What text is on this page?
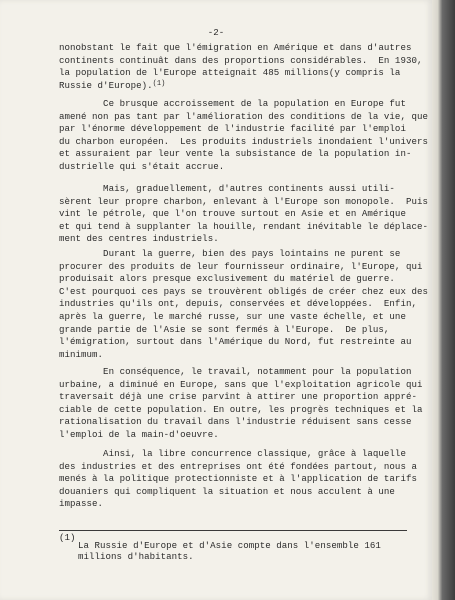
-2-
nonobstant le fait que l'émigration en Amérique et dans d'autres
continents continuât dans des proportions considérables.  En 1930,
la population de l'Europe atteignait 485 millions(y compris la
Russie d'Europe).$^{(1)}$
Ce brusque accroissement de la population en Europe fut
amené non pas tant par l'amélioration des conditions de la vie, que
par l'énorme développement de l'industrie facilité par l'emploi
du charbon européen.  Les produits industriels inondaient l'univers
et assuraient par leur vente la subsistance de la population in-
dustrielle qui s'était accrue.
Mais, graduellement, d'autres continents aussi utili-
sèrent leur propre charbon, enlevant à l'Europe son monopole.  Puis
vint le pétrole, que l'on trouve surtout en Asie et en Amérique
et qui tend à supplanter la houille, rendant inévitable le déplace-
ment des centres industriels.
Durant la guerre, bien des pays lointains ne purent se
procurer des produits de leur fournisseur ordinaire, l'Europe, qui
produisait alors presque exclusivement du matériel de guerre.
C'est pourquoi ces pays se trouvèrent obligés de créer chez eux des
industries qu'ils ont, depuis, conservées et développées.  Enfin,
après la guerre, le marché russe, sur une vaste échelle, et une
grande partie de l'Asie se sont fermés à l'Europe.  De plus,
l'émigration, surtout dans l'Amérique du Nord, fut restreinte au
minimum.
En conséquence, le travail, notamment pour la population
urbaine, a diminué en Europe, sans que l'exploitation agricole qui
traversait déjà une crise parvînt à attirer une proportion appré-
ciable de cette population. En outre, les progrès techniques et la
rationalisation du travail dans l'industrie réduisent sans cesse
l'emploi de la main-d'oeuvre.
Ainsi, la libre concurrence classique, grâce à laquelle
des industries et des entreprises ont été fondées partout, nous a
menés à la politique protectionniste et à l'application de tarifs
douaniers qui compliquent la situation et nous acculent à une
impasse.
(1)
La Russie d'Europe et d'Asie compte dans l'ensemble 161
millions d'habitants.
